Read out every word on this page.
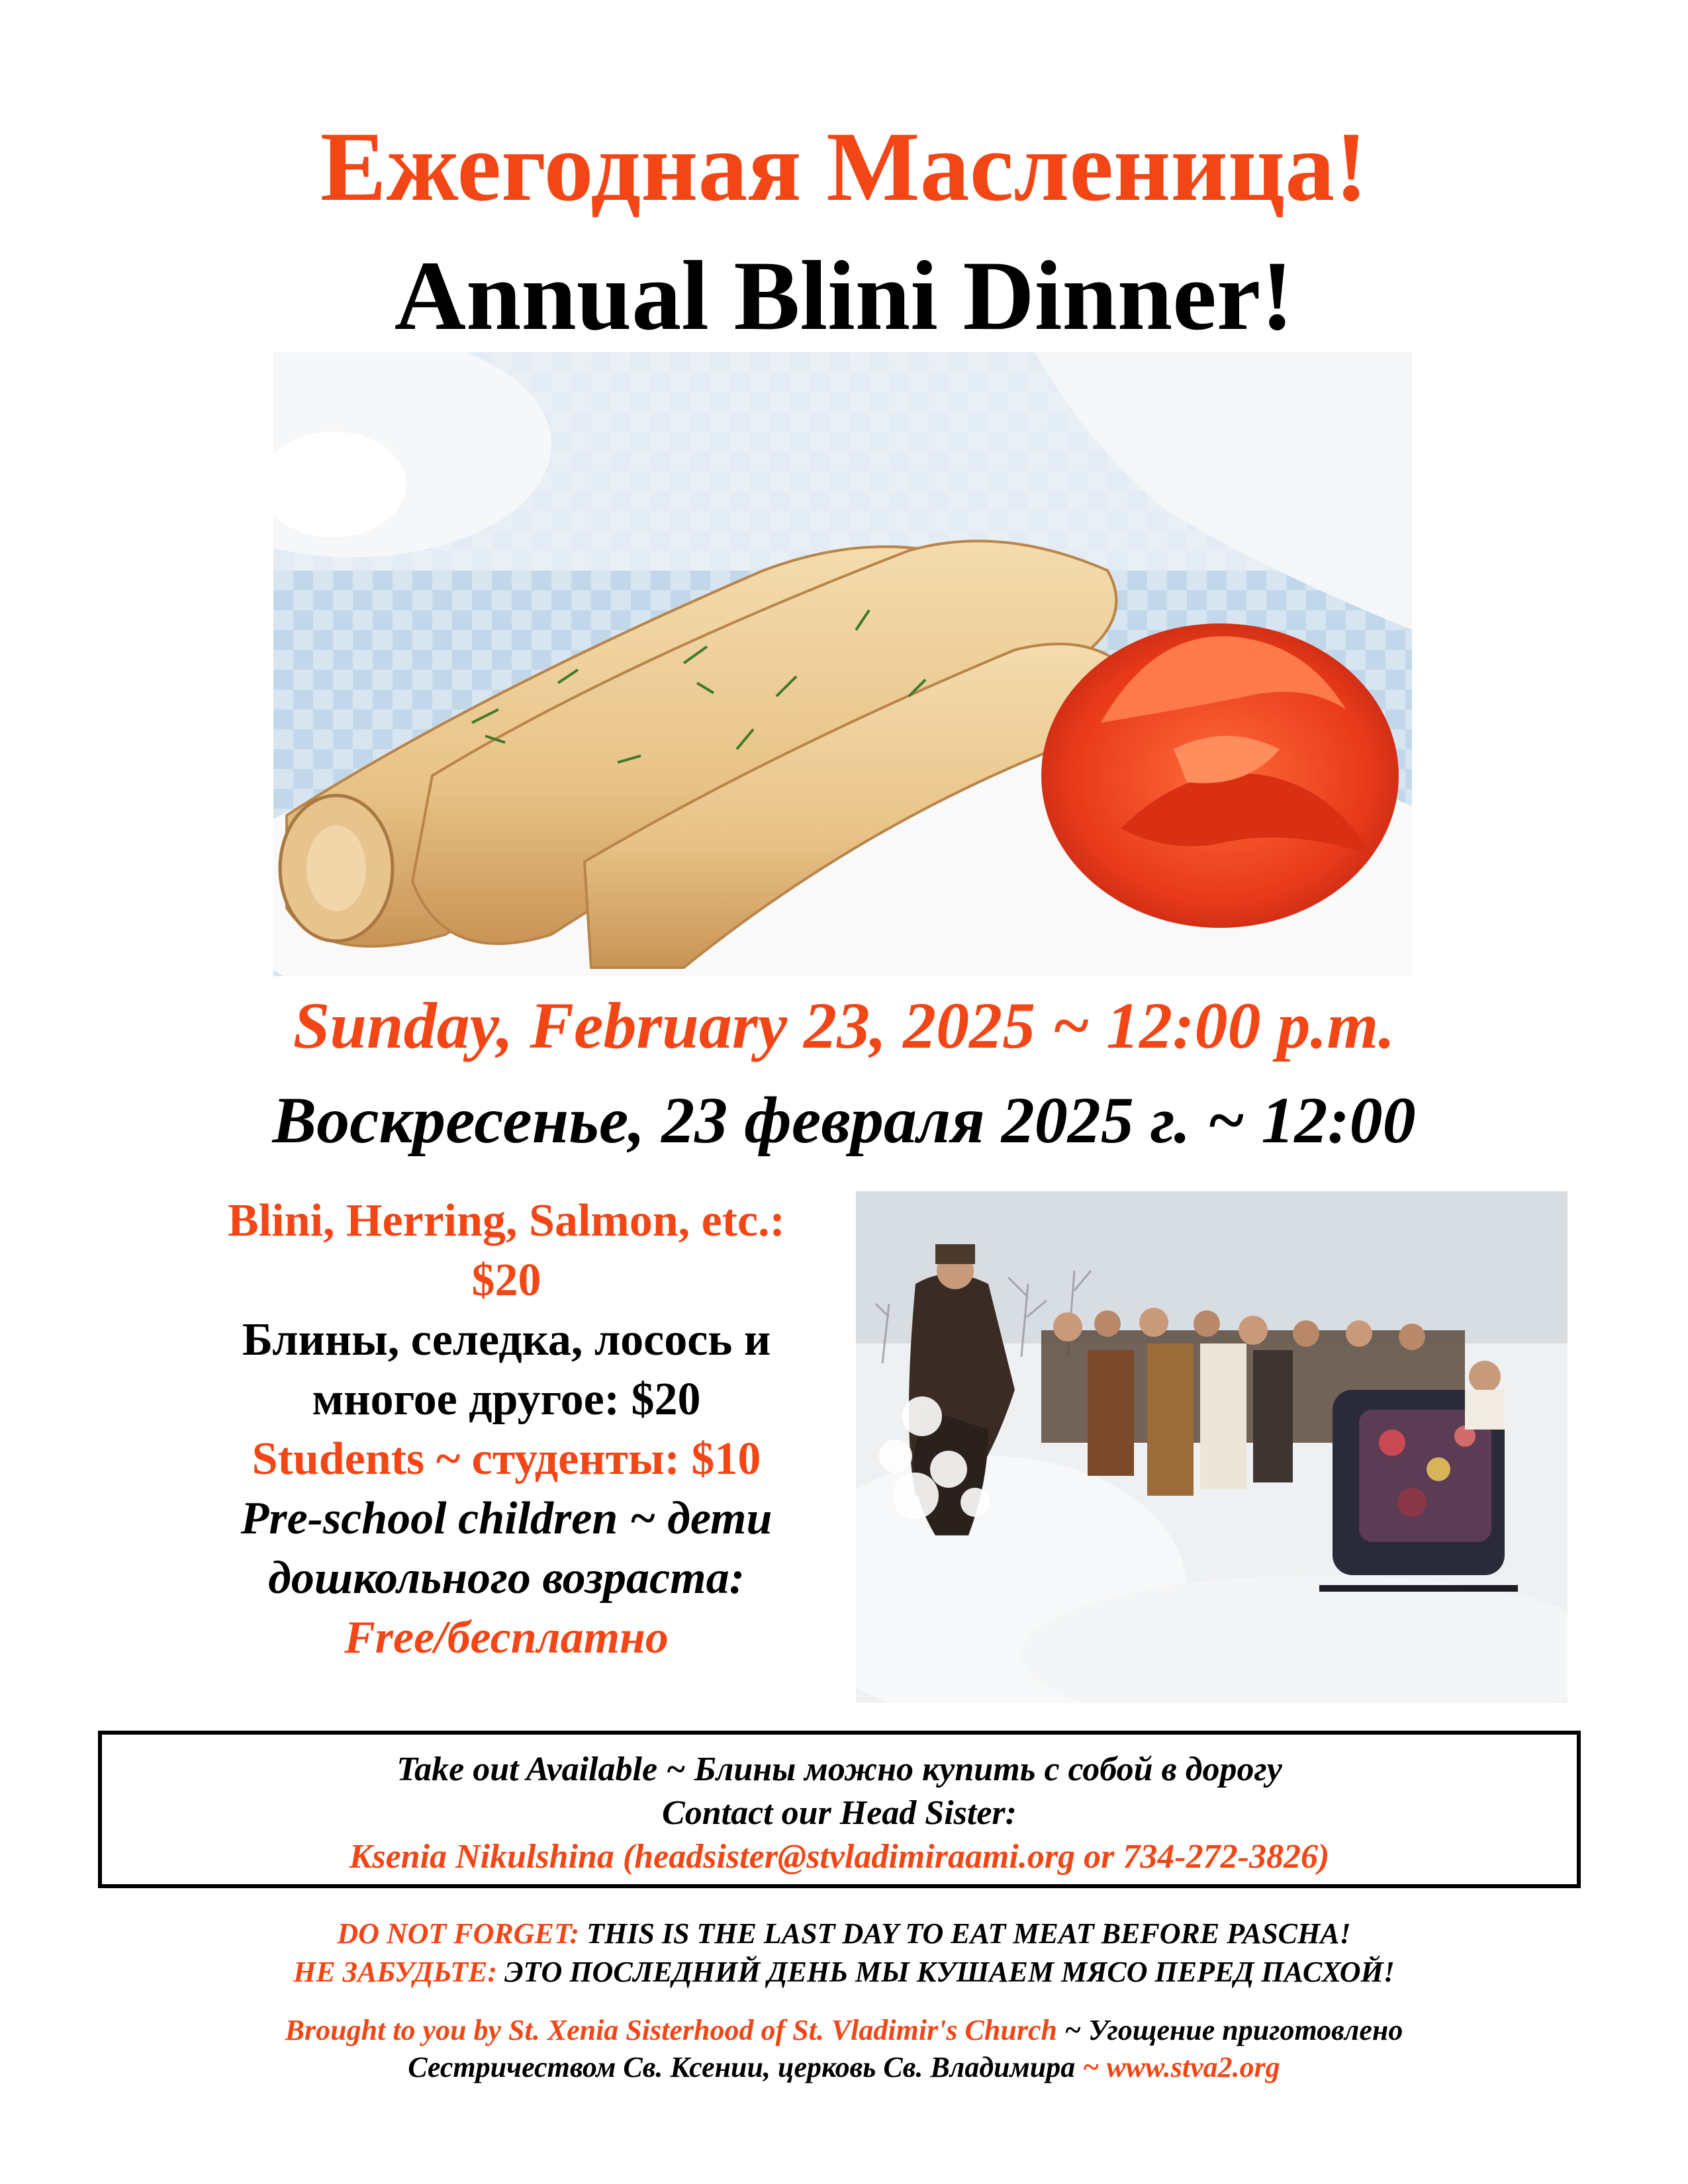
Ежегодная Масленица!
Annual Blini Dinner!
Sunday, February 23, 2025 ~ 12:00 p.m.
Воскресенье, 23 февраля 2025 г. ~ 12:00
Blini, Herring, Salmon, etc.:
$20
Блины, селедка, лосось и
многое другое: $20
Students ~ студенты: $10
Pre-school children ~ дети
дошкольного возраста:
Free/бесплатно
Take out Available ~ Блины можно купить с собой в дорогу
Contact our Head Sister:
Ksenia Nikulshina (headsister@stvladimiraami.org or 734-272-3826)
DO NOT FORGET: THIS IS THE LAST DAY TO EAT MEAT BEFORE PASCHA!
НЕ ЗАБУДЬТЕ: ЭТО ПОСЛЕДНИЙ ДЕНЬ МЫ КУШАЕМ МЯСО ПЕРЕД ПАСХОЙ!
Brought to you by St. Xenia Sisterhood of St. Vladimir's Church ~ Угощение приготовлено
Сестричеством Св. Ксении, церковь Св. Владимира ~ www.stva2.org
